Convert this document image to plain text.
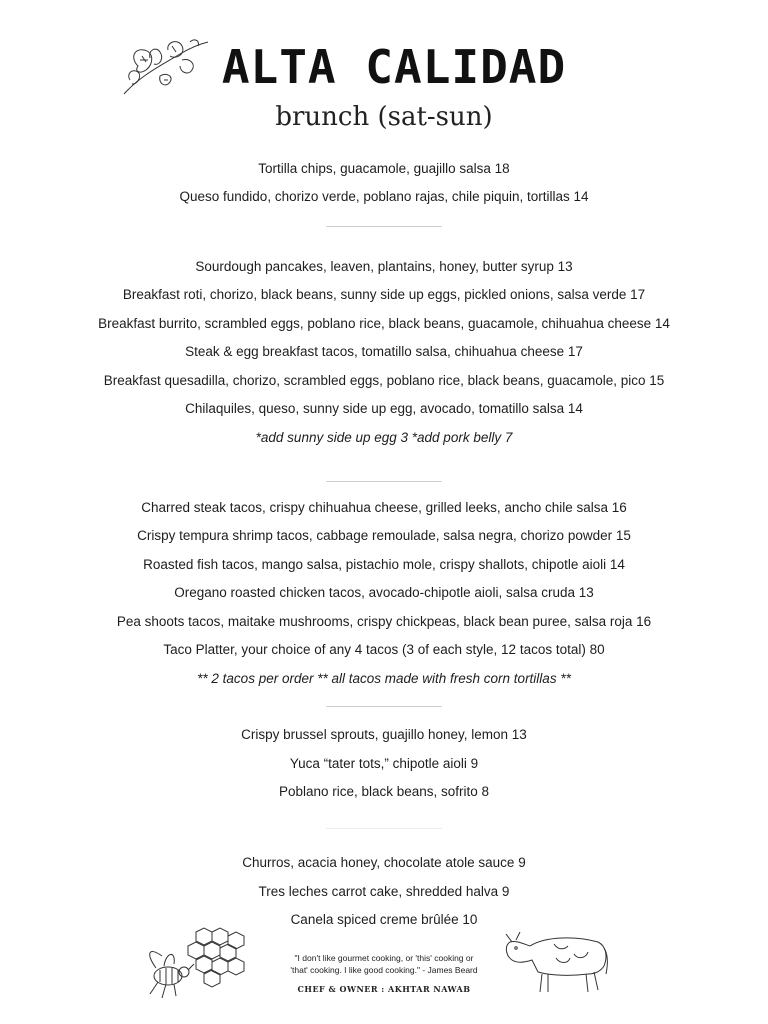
ALTA CALIDAD
brunch (sat-sun)
Tortilla chips, guacamole, guajillo salsa 18
Queso fundido, chorizo verde, poblano rajas, chile piquin, tortillas 14
Sourdough pancakes, leaven, plantains, honey, butter syrup 13
Breakfast roti, chorizo, black beans, sunny side up eggs, pickled onions, salsa verde 17
Breakfast burrito, scrambled eggs, poblano rice, black beans, guacamole, chihuahua cheese 14
Steak & egg breakfast tacos, tomatillo salsa, chihuahua cheese 17
Breakfast quesadilla, chorizo, scrambled eggs, poblano rice, black beans, guacamole, pico 15
Chilaquiles, queso, sunny side up egg, avocado, tomatillo salsa 14
*add sunny side up egg 3 *add pork belly 7
Charred steak tacos, crispy chihuahua cheese, grilled leeks, ancho chile salsa 16
Crispy tempura shrimp tacos, cabbage remoulade, salsa negra, chorizo powder 15
Roasted fish tacos, mango salsa, pistachio mole, crispy shallots, chipotle aioli 14
Oregano roasted chicken tacos, avocado-chipotle aioli, salsa cruda 13
Pea shoots tacos, maitake mushrooms, crispy chickpeas, black bean puree, salsa roja 16
Taco Platter, your choice of any 4 tacos (3 of each style, 12 tacos total) 80
** 2 tacos per order ** all tacos made with fresh corn tortillas **
Crispy brussel sprouts, guajillo honey, lemon 13
Yuca “tater tots,” chipotle aioli 9
Poblano rice, black beans, sofrito 8
Churros, acacia honey, chocolate atole sauce 9
Tres leches carrot cake, shredded halva 9
Canela spiced creme brûlée 10
"I don't like gourmet cooking, or 'this' cooking or
'that' cooking. I like good cooking." - James Beard
CHEF & OWNER : AKHTAR NAWAB
